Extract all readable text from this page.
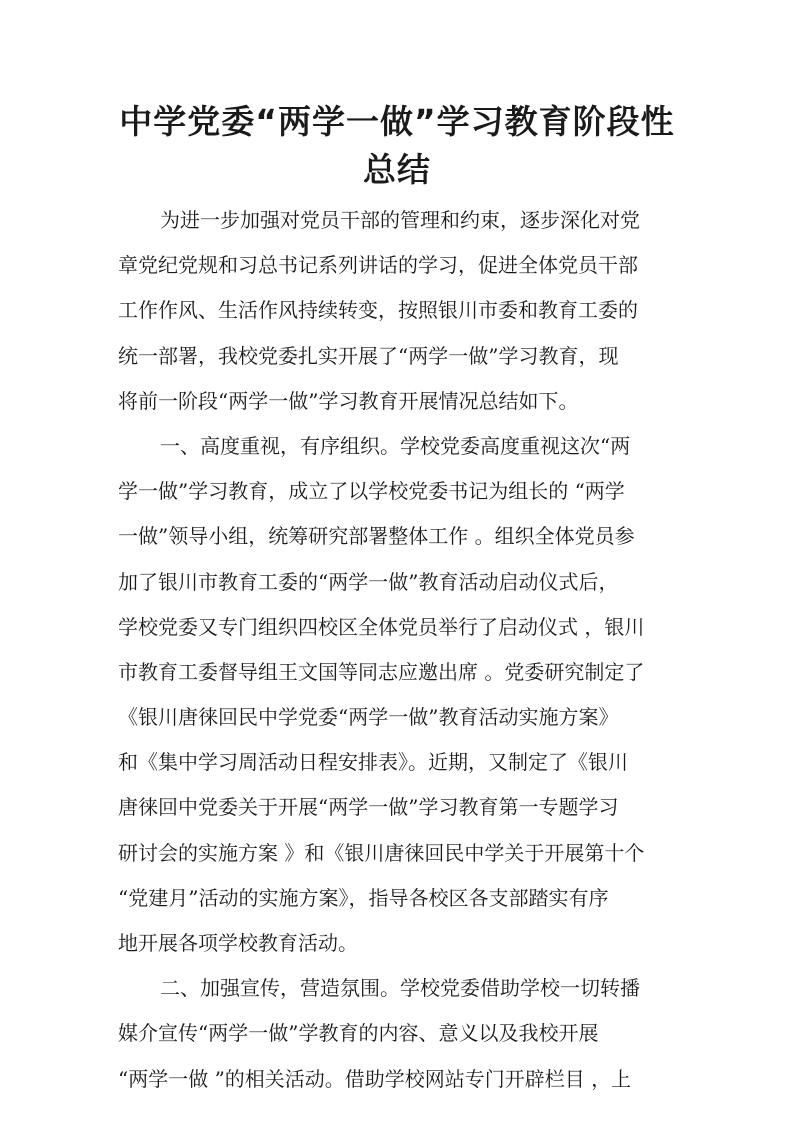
中学党委“两学一做”学习教育阶段性
总结
为进一步加强对党员干部的管理和约束，逐步深化对党
章党纪党规和习总书记系列讲话的学习，促进全体党员干部
工作作风、生活作风持续转变，按照银川市委和教育工委的
统一部署，我校党委扎实开展了“两学一做”学习教育，现
将前一阶段“两学一做”学习教育开展情况总结如下。
一、高度重视，有序组织。学校党委高度重视这次“两
学一做”学习教育，成立了以学校党委书记为组长的 “两学
一做”领导小组，统筹研究部署整体工作 。组织全体党员参
加了银川市教育工委的“两学一做”教育活动启动仪式后，
学校党委又专门组织四校区全体党员举行了启动仪式 ，银川
市教育工委督导组王文国等同志应邀出席 。党委研究制定了
《银川唐徕回民中学党委“两学一做”教育活动实施方案》
和《集中学习周活动日程安排表》。近期，又制定了《银川
唐徕回中党委关于开展“两学一做”学习教育第一专题学习
研讨会的实施方案 》和《银川唐徕回民中学关于开展第十个
“党建月”活动的实施方案》，指导各校区各支部踏实有序
地开展各项学校教育活动。
二、加强宣传，营造氛围。学校党委借助学校一切转播
媒介宣传“两学一做”学教育的内容、意义以及我校开展
“两学一做 ”的相关活动。借助学校网站专门开辟栏目 ，上
